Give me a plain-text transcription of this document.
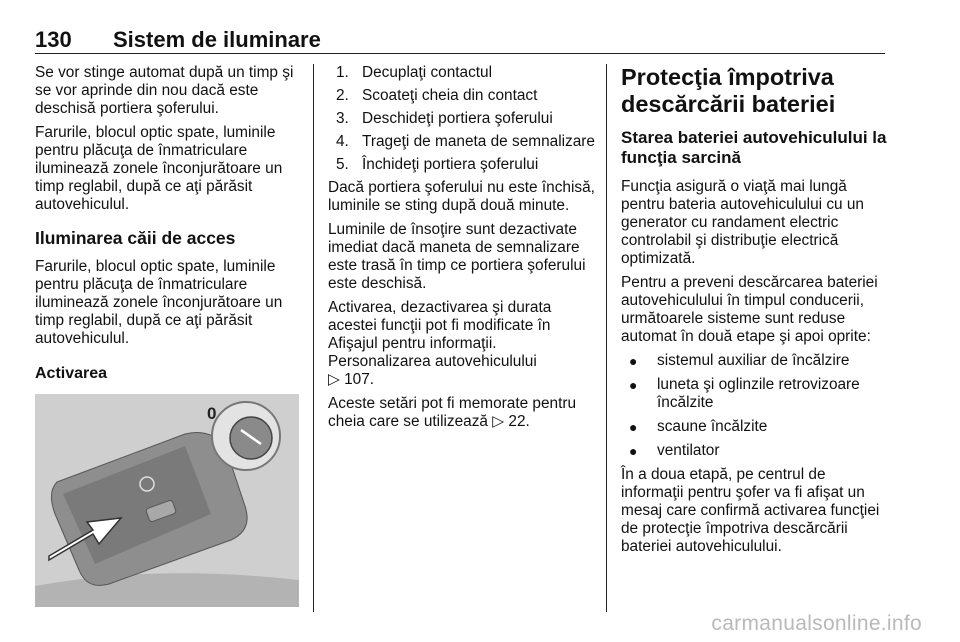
130 Sistem de iluminare

Se vor stinge automat după un timp şi se vor aprinde din nou dacă este deschisă portiera şoferului.

Farurile, blocul optic spate, luminile pentru plăcuţa de înmatriculare iluminează zonele înconjurătoare un timp reglabil, după ce aţi părăsit autovehiculul.

Iluminarea căii de acces

Farurile, blocul optic spate, luminile pentru plăcuţa de înmatriculare iluminează zonele înconjurătoare un timp reglabil, după ce aţi părăsit autovehiculul.

Activarea
0
1. Decuplaţi contactul
2. Scoateţi cheia din contact
3. Deschideţi portiera şoferului
4. Trageţi de maneta de semnalizare
5. Închideţi portiera şoferului

Dacă portiera şoferului nu este închisă, luminile se sting după două minute.

Luminile de însoţire sunt dezactivate imediat dacă maneta de semnalizare este trasă în timp ce portiera şoferului este deschisă.

Activarea, dezactivarea şi durata acestei funcţii pot fi modificate în Afişajul pentru informaţii. Personalizarea autovehiculului
▷ 107.

Aceste setări pot fi memorate pentru cheia care se utilizează ▷ 22.

Protecţia împotriva descărcării bateriei
Starea bateriei autovehiculului la funcţia sarcină

Funcţia asigură o viaţă mai lungă pentru bateria autovehiculului cu un generator cu randament electric controlabil şi distribuţie electrică optimizată.

Pentru a preveni descărcarea bateriei autovehiculului în timpul conducerii, următoarele sisteme sunt reduse automat în două etape şi apoi oprite:

●	sistemul auxiliar de încălzire
●	luneta şi oglinzile retrovizoare încălzite
●	scaune încălzite
●	ventilator

În a doua etapă, pe centrul de informaţii pentru şofer va fi afişat un mesaj care confirmă activarea funcţiei de protecţie împotriva descărcării bateriei autovehiculului.

carmanualsonline.info
